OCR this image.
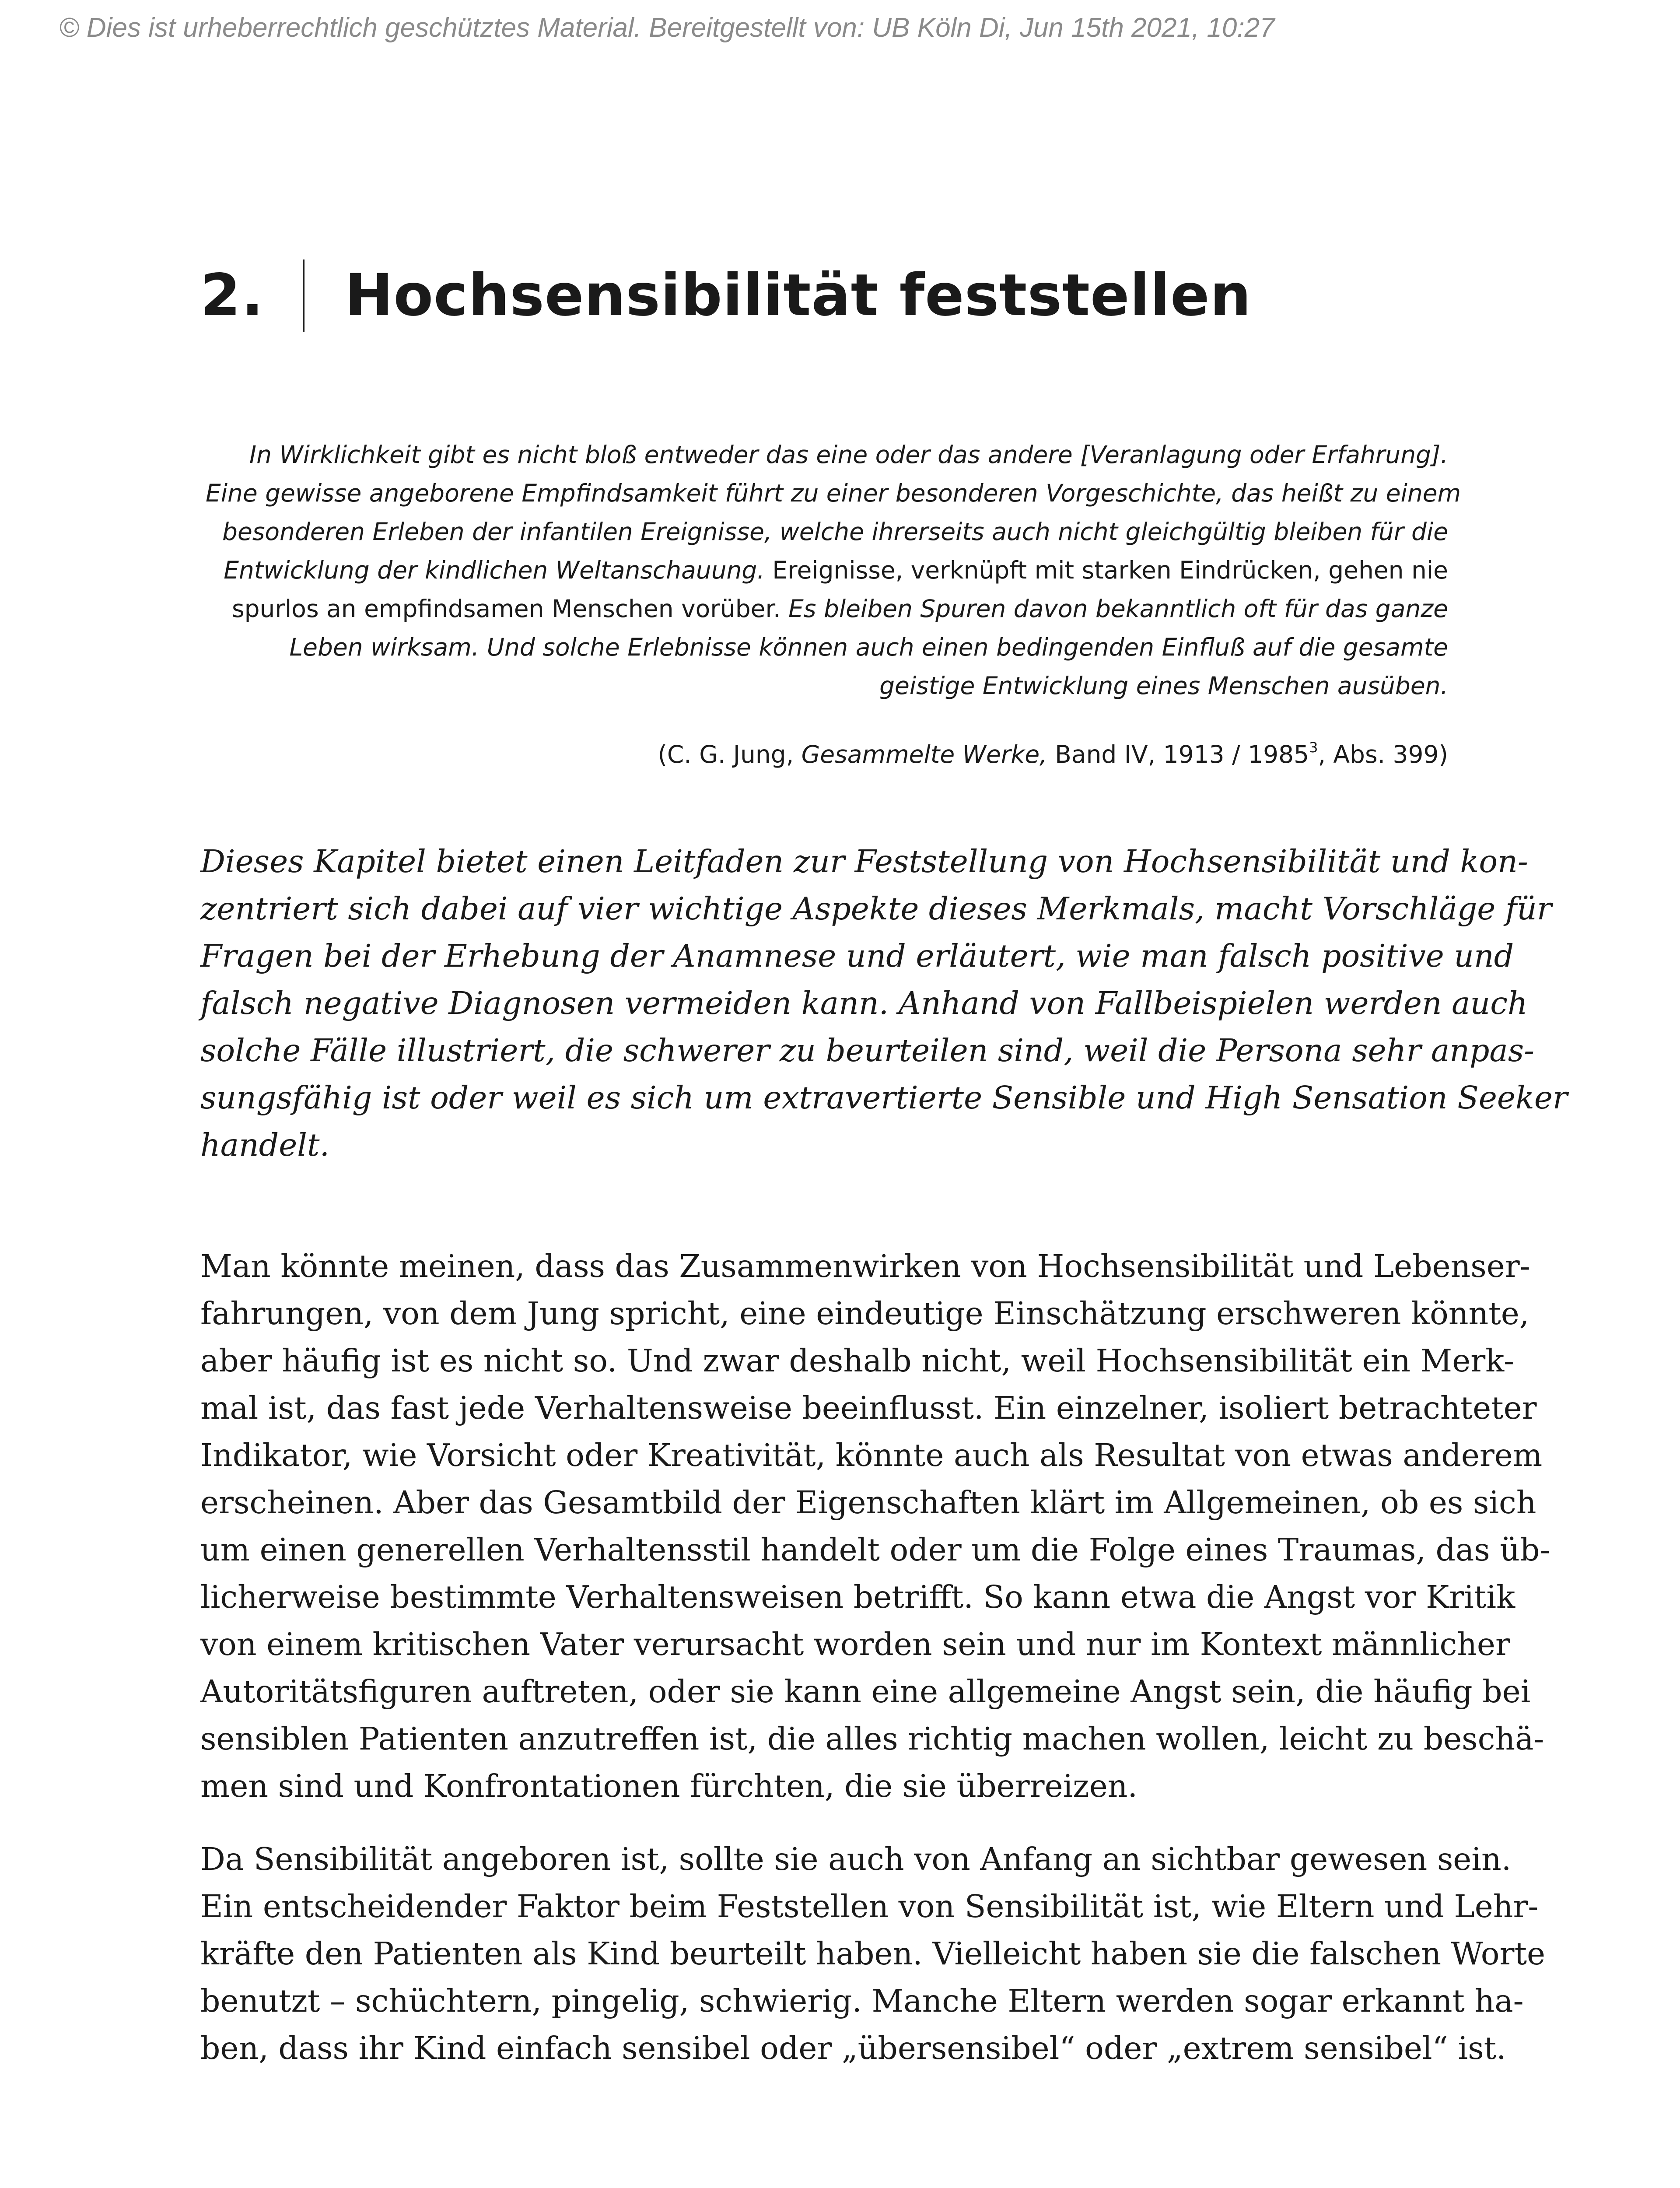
© Dies ist urheberrechtlich geschütztes Material. Bereitgestellt von: UB Köln Di, Jun 15th 2021, 10:27
2. Hochsensibilität feststellen
In Wirklichkeit gibt es nicht bloß entweder das eine oder das andere [Veranlagung oder Erfahrung].
Eine gewisse angeborene Empfindsamkeit führt zu einer besonderen Vorgeschichte, das heißt zu einem
besonderen Erleben der infantilen Ereignisse, welche ihrerseits auch nicht gleichgültig bleiben für die
Entwicklung der kindlichen Weltanschauung. Ereignisse, verknüpft mit starken Eindrücken, gehen nie
spurlos an empfindsamen Menschen vorüber. Es bleiben Spuren davon bekanntlich oft für das ganze
Leben wirksam. Und solche Erlebnisse können auch einen bedingenden Einfluß auf die gesamte
geistige Entwicklung eines Menschen ausüben.
(C. G. Jung, Gesammelte Werke, Band IV, 1913 / 1985$^3$, Abs. 399)
Dieses Kapitel bietet einen Leitfaden zur Feststellung von Hochsensibilität und kon-
zentriert sich dabei auf vier wichtige Aspekte dieses Merkmals, macht Vorschläge für
Fragen bei der Erhebung der Anamnese und erläutert, wie man falsch positive und
falsch negative Diagnosen vermeiden kann. Anhand von Fallbeispielen werden auch
solche Fälle illustriert, die schwerer zu beurteilen sind, weil die Persona sehr anpas-
sungsfähig ist oder weil es sich um extravertierte Sensible und High Sensation Seeker
handelt.
Man könnte meinen, dass das Zusammenwirken von Hochsensibilität und Lebenser-
fahrungen, von dem Jung spricht, eine eindeutige Einschätzung erschweren könnte,
aber häufig ist es nicht so. Und zwar deshalb nicht, weil Hochsensibilität ein Merk-
mal ist, das fast jede Verhaltensweise beeinflusst. Ein einzelner, isoliert betrachteter
Indikator, wie Vorsicht oder Kreativität, könnte auch als Resultat von etwas anderem
erscheinen. Aber das Gesamtbild der Eigenschaften klärt im Allgemeinen, ob es sich
um einen generellen Verhaltensstil handelt oder um die Folge eines Traumas, das üb-
licherweise bestimmte Verhaltensweisen betrifft. So kann etwa die Angst vor Kritik
von einem kritischen Vater verursacht worden sein und nur im Kontext männlicher
Autoritätsfiguren auftreten, oder sie kann eine allgemeine Angst sein, die häufig bei
sensiblen Patienten anzutreffen ist, die alles richtig machen wollen, leicht zu beschä-
men sind und Konfrontationen fürchten, die sie überreizen.
Da Sensibilität angeboren ist, sollte sie auch von Anfang an sichtbar gewesen sein.
Ein entscheidender Faktor beim Feststellen von Sensibilität ist, wie Eltern und Lehr-
kräfte den Patienten als Kind beurteilt haben. Vielleicht haben sie die falschen Worte
benutzt – schüchtern, pingelig, schwierig. Manche Eltern werden sogar erkannt ha-
ben, dass ihr Kind einfach sensibel oder „übersensibel“ oder „extrem sensibel“ ist.
